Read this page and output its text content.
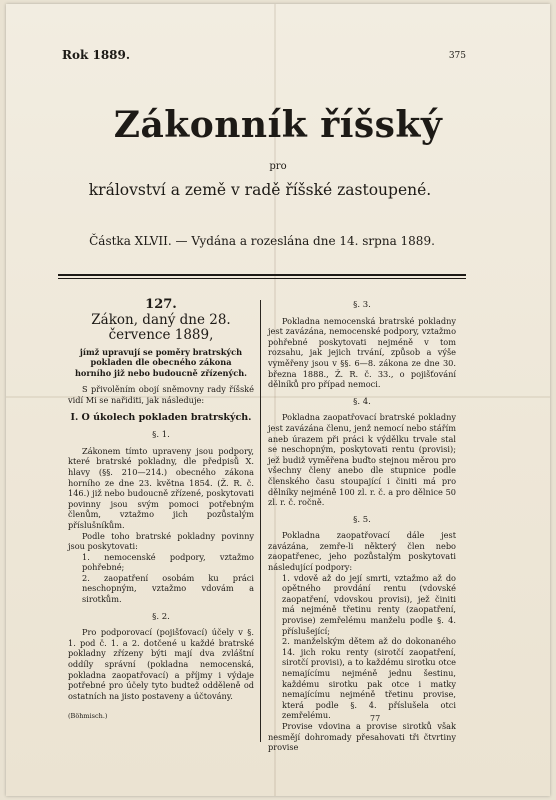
Rok 1889.	375
Zákonník říšský
pro
království a země v radě říšské zastoupené.
Částka XLVII. — Vydána a rozeslána dne 14. srpna 1889.
127.
Zákon, daný dne 28. července 1889,
jímž upravují se poměry bratrských pokladen dle obecného zákona horního již nebo budoucně zřízených.

S přivolěním obojí sněmovny rady říšské vidí Mi se nařiditi, jak následuje:

I. O úkolech pokladen bratrských.
§. 1.

Zákonem tímto upraveny jsou podpory, které bratrské pokladny, dle předpisů X. hlavy (§§. 210—214.) obecného zákona horního ze dne 23. května 1854. (Ž. R. č. 146.) již nebo budoucně zřízené, poskytovati povinny jsou svým pomoci potřebným členům, vztažmo jich pozůstalým příslušníkům.

Podle toho bratrské pokladny povinny jsou poskytovati:

1. nemocenské podpory, vztažmo pohřebné;

2. zaopatření osobám ku práci neschopným, vztažmo vdovám a sirotkům.

§. 2.

Pro podporovací (pojišťovací) účely v §. 1. pod č. 1. a 2. dotčené u každé bratrské pokladny zřízeny býti mají dva zvláštní oddíly správní (pokladna nemocenská, pokladna zaopatřovací) a příjmy i výdaje potřebné pro účely tyto budtež odděleně od ostatních na jisto postaveny a účtovány.

§. 3.

Pokladna nemocenská bratrské pokladny jest zavázána, nemocenské podpory, vztažmo pohřebné poskytovati nejméně v tom rozsahu, jak jejich trvání, způsob a výše vyměřeny jsou v §§. 6—8. zákona ze dne 30. března 1888., Ž. R. č. 33., o pojišťování dělníků pro případ nemoci.

§. 4.

Pokladna zaopatřovací bratrské pokladny jest zavázána členu, jenž nemocí nebo stářím aneb úrazem při práci k výdělku trvale stal se neschopným, poskytovati rentu (provisi); jež budiž vyměřena buďto stejnou měrou pro všechny členy anebo dle stupnice podle členského času stoupající i činiti má pro dělníky nejméně 100 zl. r. č. a pro dělnice 50 zl. r. č. ročně.

§. 5.

Pokladna zaopatřovací dále jest zavázána, zemře-li některý člen nebo zaopatřenec, jeho pozůstalým poskytovati následující podpory:

1. vdově až do její smrti, vztažmo až do opětného provdání rentu (vdovské zaopatření, vdovskou provisi), jež činiti má nejméně třetinu renty (zaopatření, provise) zemřelému manželu podle §. 4. příslušející;

2. manželským dětem až do dokonaného 14. jich roku renty (sirotčí zaopatření, sirotčí provisi), a to každému sirotku otce nemajícímu nejméně jednu šestinu, každému sirotku pak otce i matky nemajícímu nejméně třetinu provise, která podle §. 4. příslušela otci zemřelému.

Provise vdovina a provise sirotků však nesmějí dohromady přesahovati tři čtvrtiny provise

(Böhmisch.)	77
